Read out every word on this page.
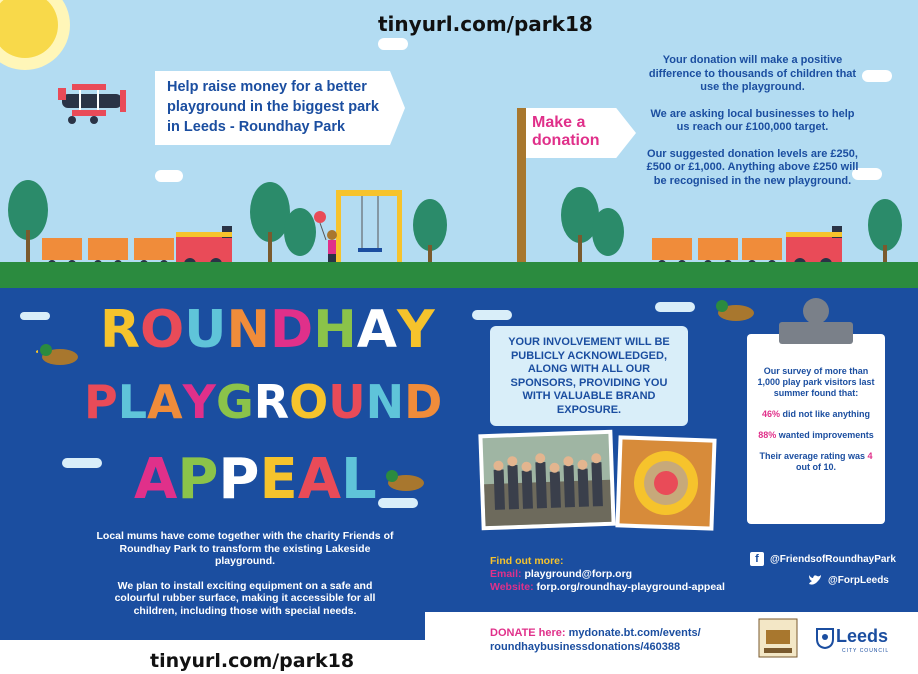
tinyurl.com/park18
tinyurl.com/park18
Help raise money for a better playground in the biggest park in Leeds - Roundhay Park	Make a donation

Your donation will make a positive difference to thousands of children that use the playground.

We are asking local businesses to help us reach our £100,000 target.

Our suggested donation levels are £250, £500 or £1,000. Anything above £250 will be recognised in the new playground.

ROUNDHAY
PLAYGROUND
APPEAL

Local mums have come together with the charity Friends of Roundhay Park to transform the existing Lakeside playground.

We plan to install exciting equipment on a safe and colourful rubber surface, making it accessible for all children, including those with special needs.

YOUR INVOLVEMENT WILL BE PUBLICLY ACKNOWLEDGED, ALONG WITH ALL OUR SPONSORS, PROVIDING YOU WITH VALUABLE BRAND EXPOSURE.

Our survey of more than 1,000 play park visitors last summer found that:

46% did not like anything

88% wanted improvements

Their average rating was 4 out of 10.

Find out more:
Email: playground@forp.org
Website: forp.org/roundhay-playground-appeal
f	@FriendsofRoundhayPark
@ForpLeeds
DONATE here: mydonate.bt.com/events/
roundhaybusinessdonations/460388
Leeds
CITY COUNCIL
